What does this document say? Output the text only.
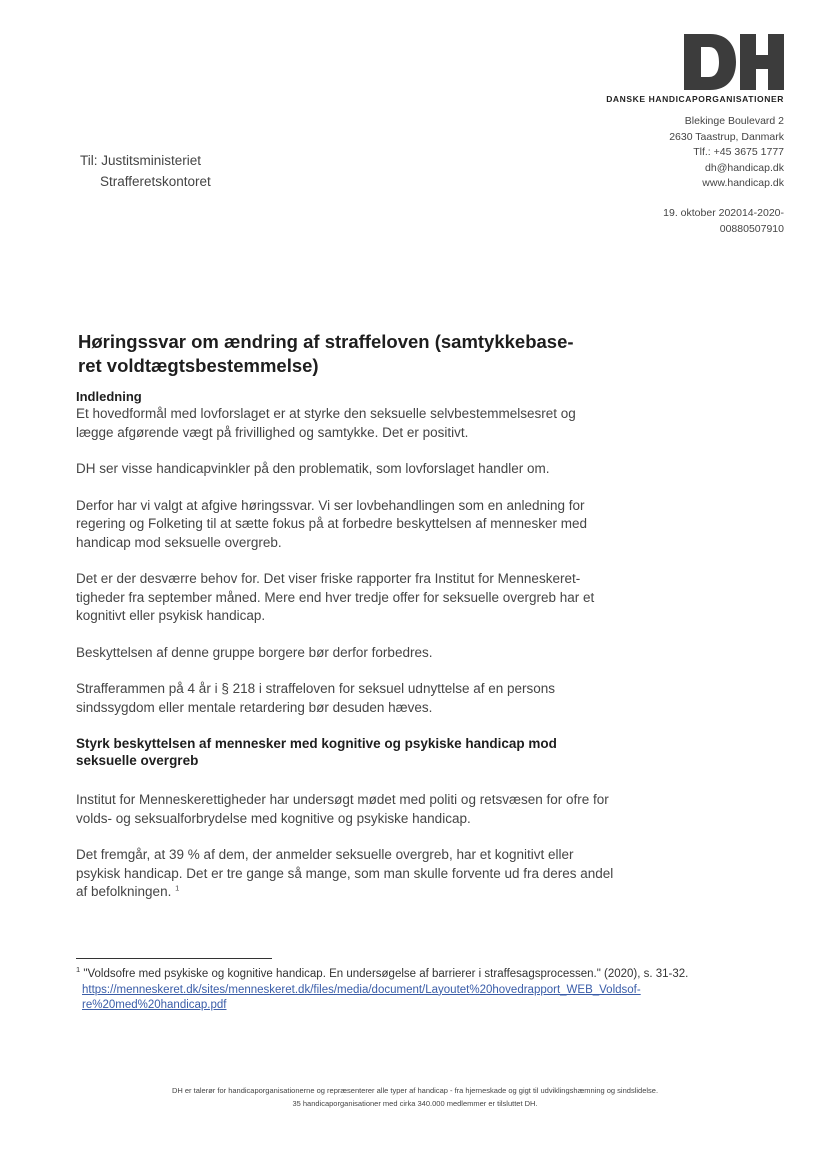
DANSKE HANDICAPORGANISATIONER
Blekinge Boulevard 2
2630 Taastrup, Danmark
Tlf.: +45 3675 1777
dh@handicap.dk
www.handicap.dk
Til: Justitsministeriet
Strafferetskontoret
19. oktober 202014-2020-
00880507910
Høringssvar om ændring af straffeloven (samtykkebase-
ret voldtægtsbestemmelse)

Indledning

Et hovedformål med lovforslaget er at styrke den seksuelle selvbestemmelsesret og lægge afgørende vægt på frivillighed og samtykke. Det er positivt.

DH ser visse handicapvinkler på den problematik, som lovforslaget handler om.

Derfor har vi valgt at afgive høringssvar. Vi ser lovbehandlingen som en anledning for regering og Folketing til at sætte fokus på at forbedre beskyttelsen af mennesker med handicap mod seksuelle overgreb.

Det er der desværre behov for. Det viser friske rapporter fra Institut for Menneskeret-tigheder fra september måned. Mere end hver tredje offer for seksuelle overgreb har et kognitivt eller psykisk handicap.

Beskyttelsen af denne gruppe borgere bør derfor forbedres.

Strafferammen på 4 år i § 218 i straffeloven for seksuel udnyttelse af en persons sindssygdom eller mentale retardering bør desuden hæves.

Styrk beskyttelsen af mennesker med kognitive og psykiske handicap mod seksuelle overgreb

Institut for Menneskerettigheder har undersøgt mødet med politi og retsvæsen for ofre for volds- og seksualforbrydelse med kognitive og psykiske handicap.

Det fremgår, at 39 % af dem, der anmelder seksuelle overgreb, har et kognitivt eller psykisk handicap. Det er tre gange så mange, som man skulle forvente ud fra deres andel af befolkningen. $^1$

$^1$ "Voldsofre med psykiske og kognitive handicap. En undersøgelse af barrierer i straffesagsprocessen." (2020), s. 31-32.
https://menneskeret.dk/sites/menneskeret.dk/files/media/document/Layoutet%20hovedrapport_WEB_Voldsof-
re%20med%20handicap.pdf
DH er talerør for handicaporganisationerne og repræsenterer alle typer af handicap - fra hjerneskade og gigt til udviklingshæmning og sindslidelse.
35 handicaporganisationer med cirka 340.000 medlemmer er tilsluttet DH.
